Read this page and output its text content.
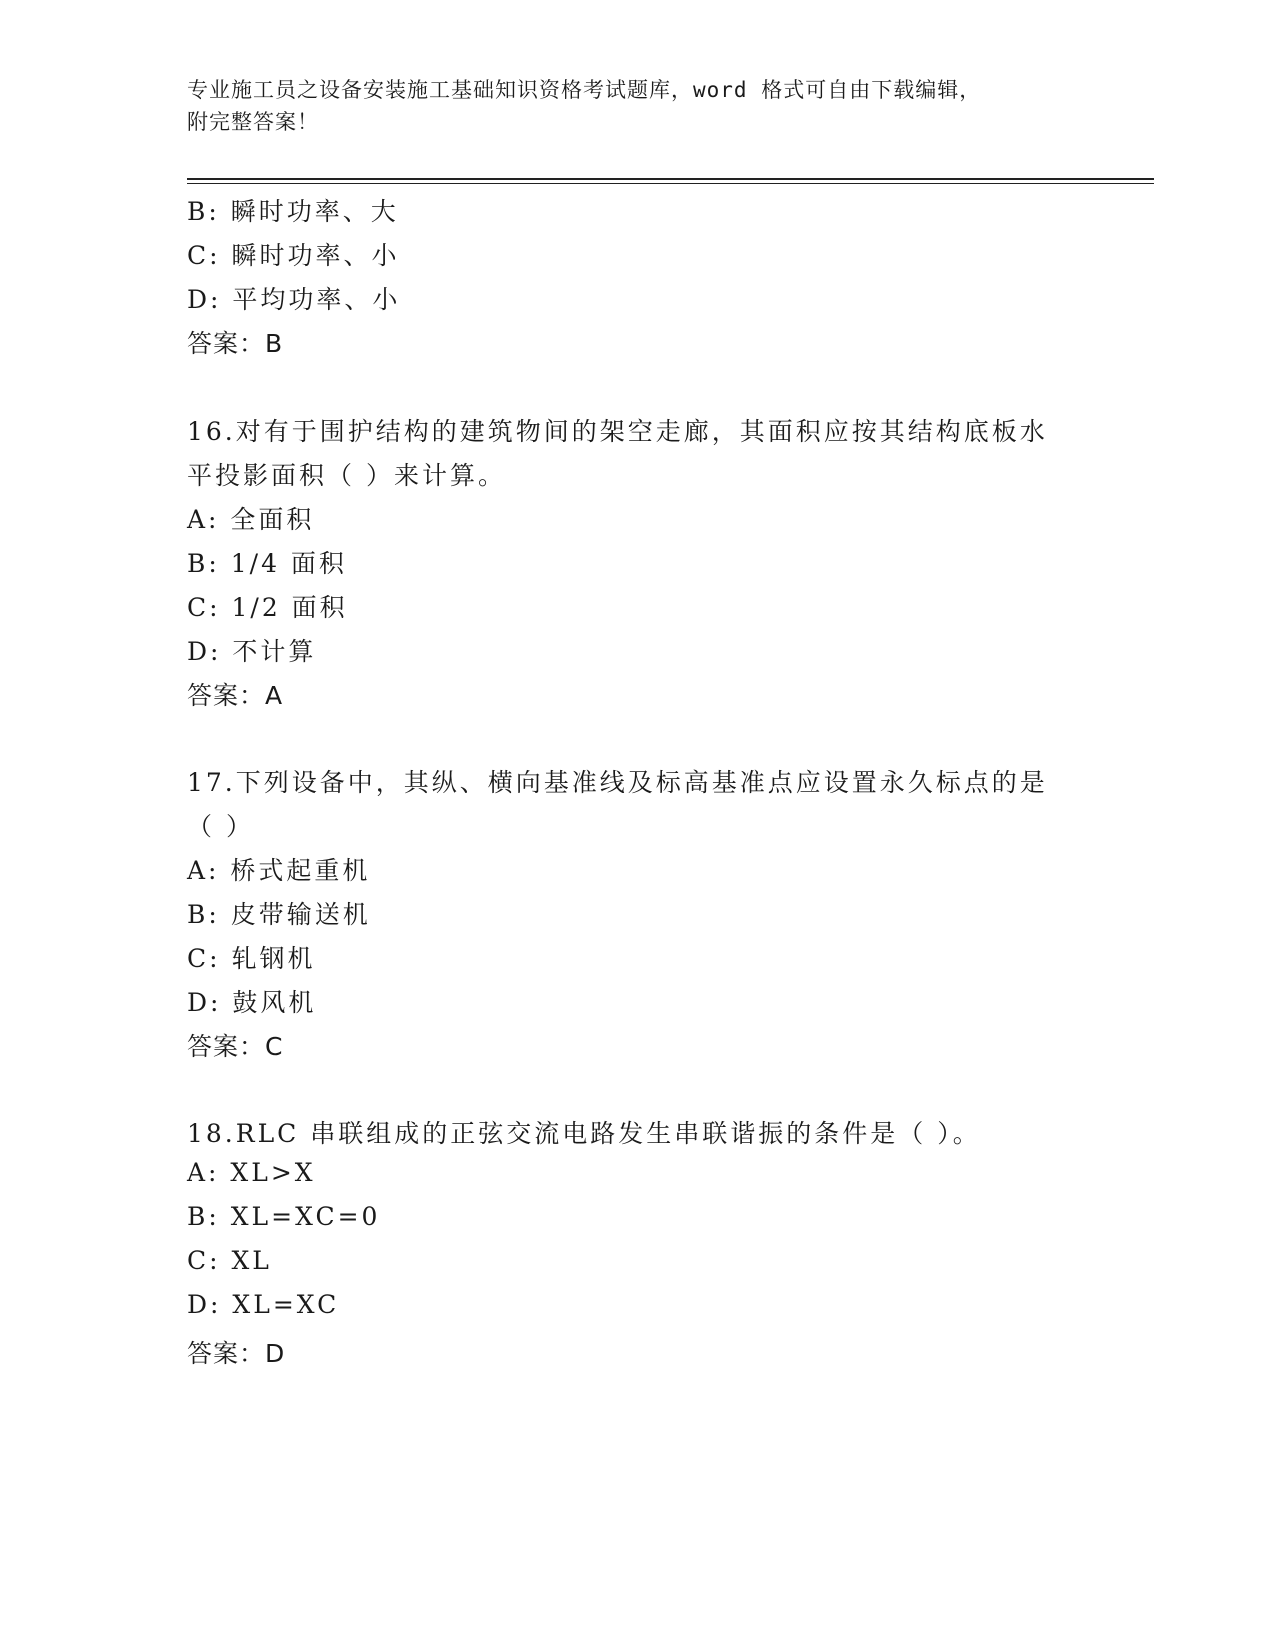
专业施工员之设备安装施工基础知识资格考试题库，word 格式可自由下载编辑，
附完整答案！
B: 瞬时功率、大
C: 瞬时功率、小
D: 平均功率、小
答案：B
16.对有于围护结构的建筑物间的架空走廊，其面积应按其结构底板水
平投影面积（ ）来计算。
A: 全面积
B: 1/4 面积
C: 1/2 面积
D: 不计算
答案：A
17.下列设备中，其纵、横向基准线及标高基准点应设置永久标点的是
（ ）
A: 桥式起重机
B: 皮带输送机
C: 轧钢机
D: 鼓风机
答案：C
18.RLC 串联组成的正弦交流电路发生串联谐振的条件是（ ）。
A: XL>X
B: XL=XC=0
C: XL
D: XL=XC
答案：D
